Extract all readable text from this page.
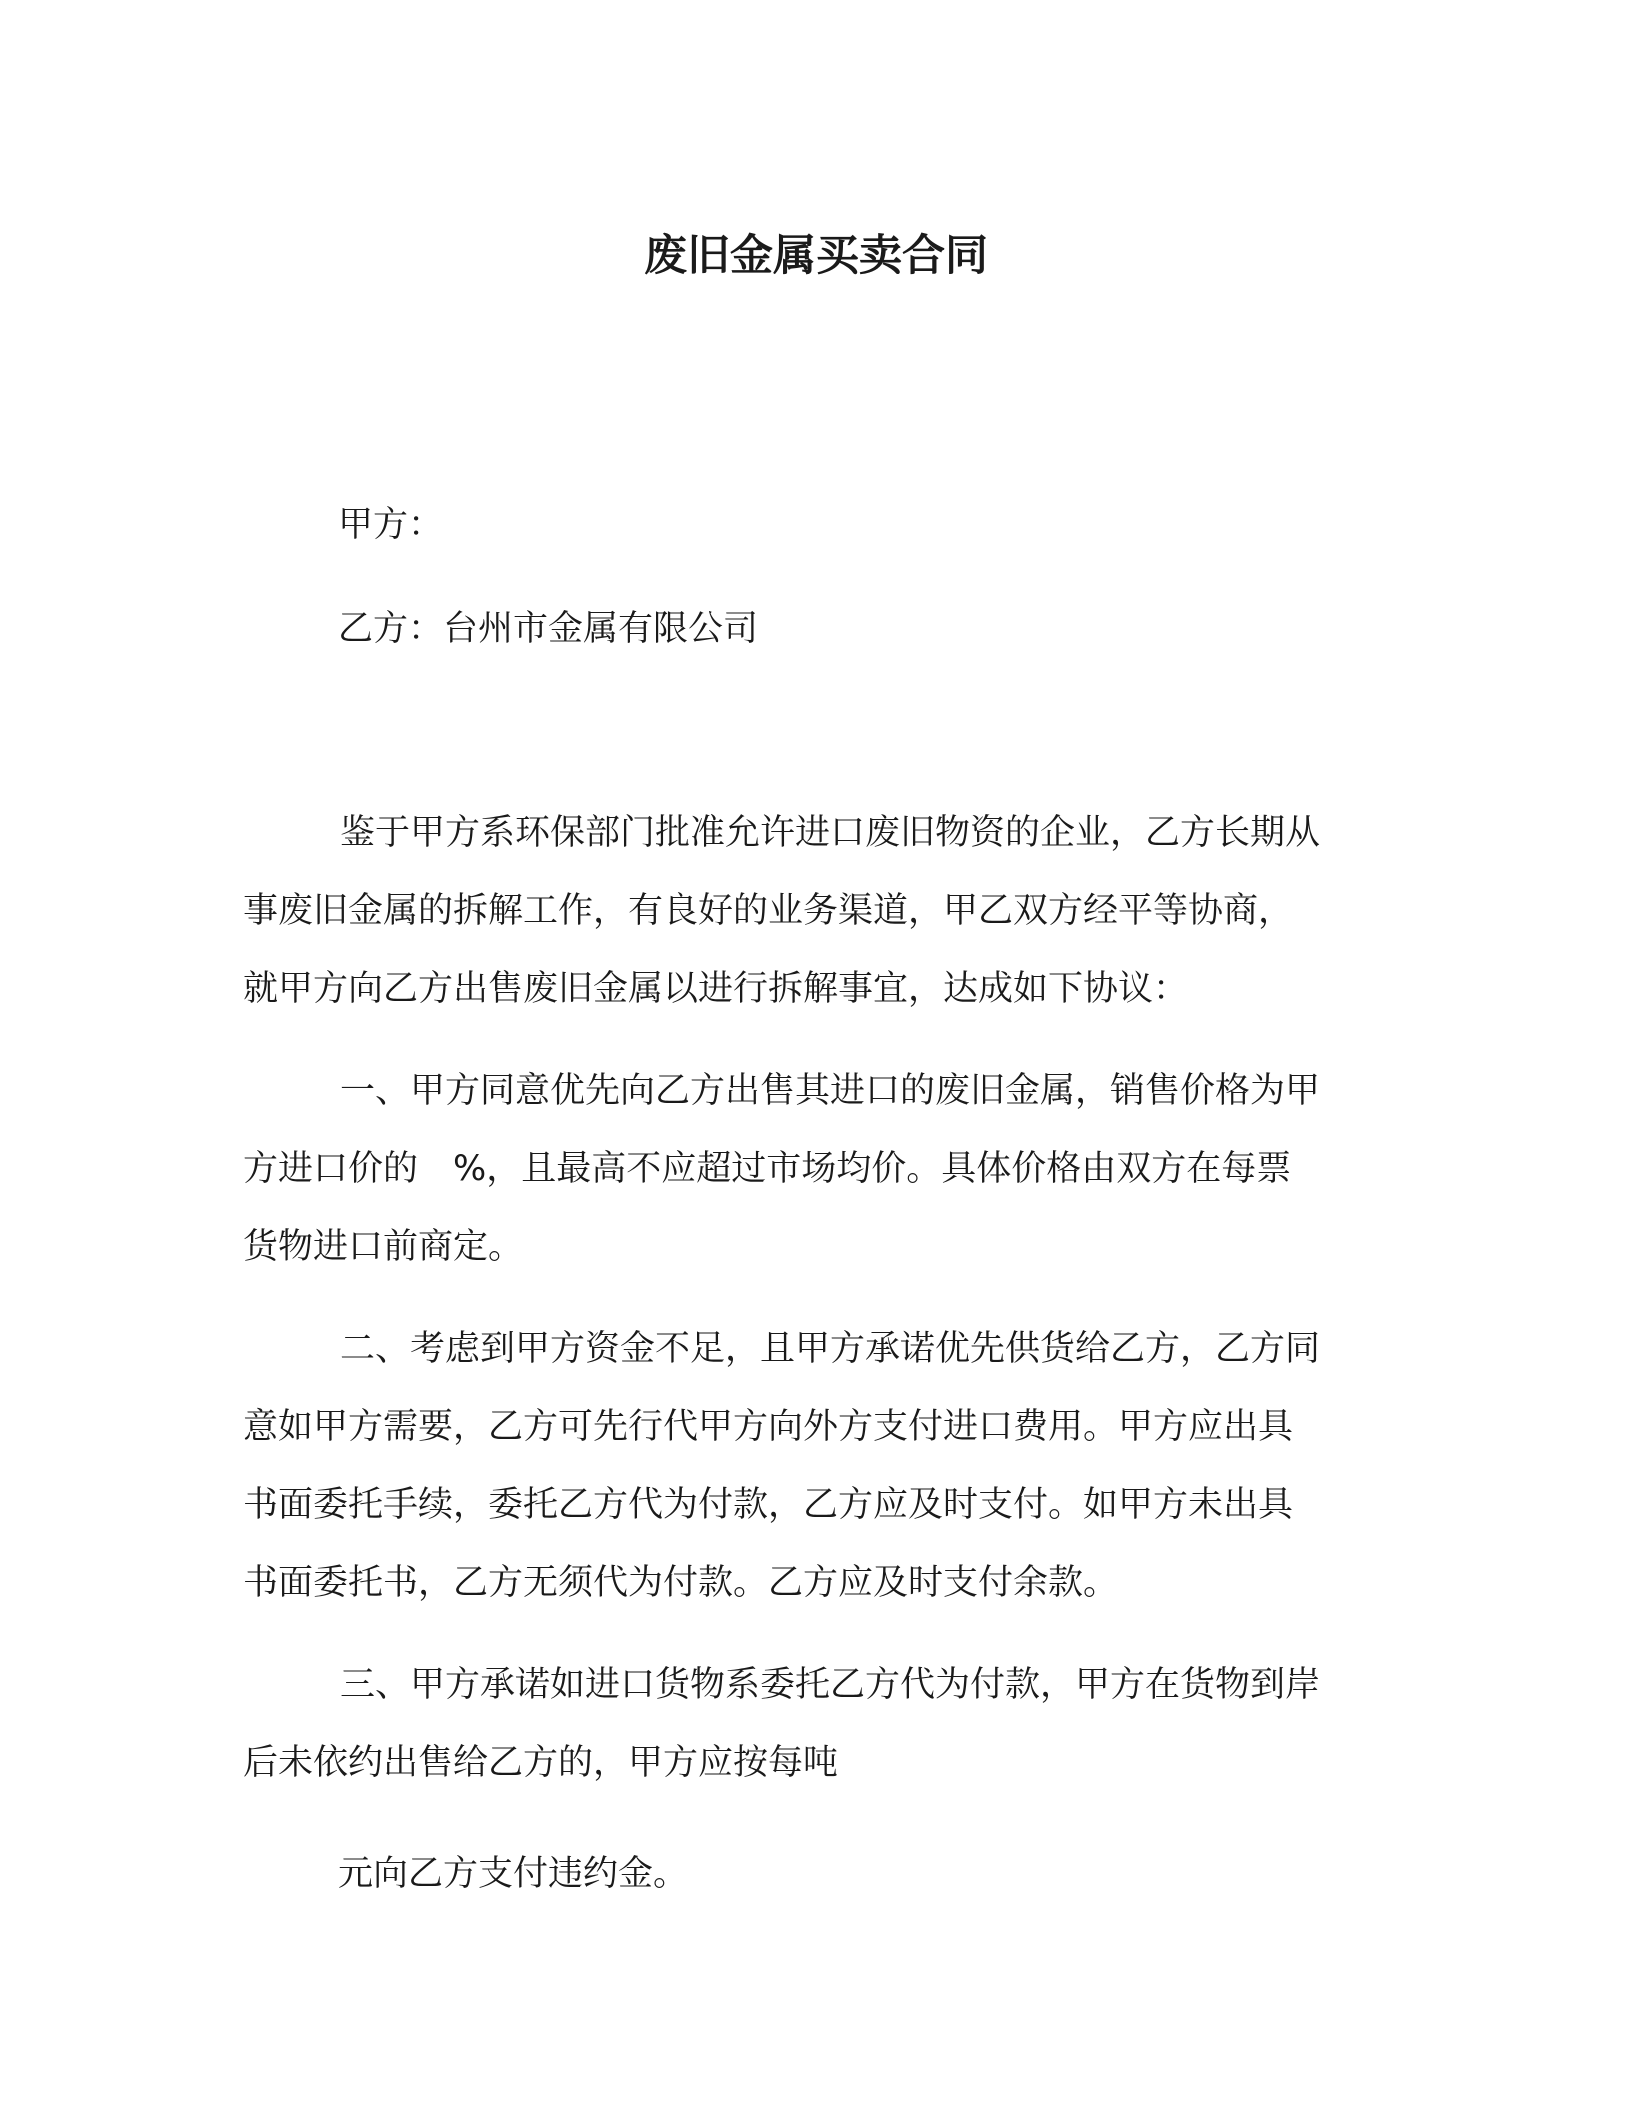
废旧金属买卖合同

甲方：

乙方：台州市金属有限公司

鉴于甲方系环保部门批准允许进口废旧物资的企业，乙方长期从
事废旧金属的拆解工作，有良好的业务渠道，甲乙双方经平等协商，
就甲方向乙方出售废旧金属以进行拆解事宜，达成如下协议：
一、甲方同意优先向乙方出售其进口的废旧金属，销售价格为甲
方进口价的　%，且最高不应超过市场均价。具体价格由双方在每票
货物进口前商定。
二、考虑到甲方资金不足，且甲方承诺优先供货给乙方，乙方同
意如甲方需要，乙方可先行代甲方向外方支付进口费用。甲方应出具
书面委托手续，委托乙方代为付款，乙方应及时支付。如甲方未出具
书面委托书，乙方无须代为付款。乙方应及时支付余款。
三、甲方承诺如进口货物系委托乙方代为付款，甲方在货物到岸
后未依约出售给乙方的，甲方应按每吨

元向乙方支付违约金。
